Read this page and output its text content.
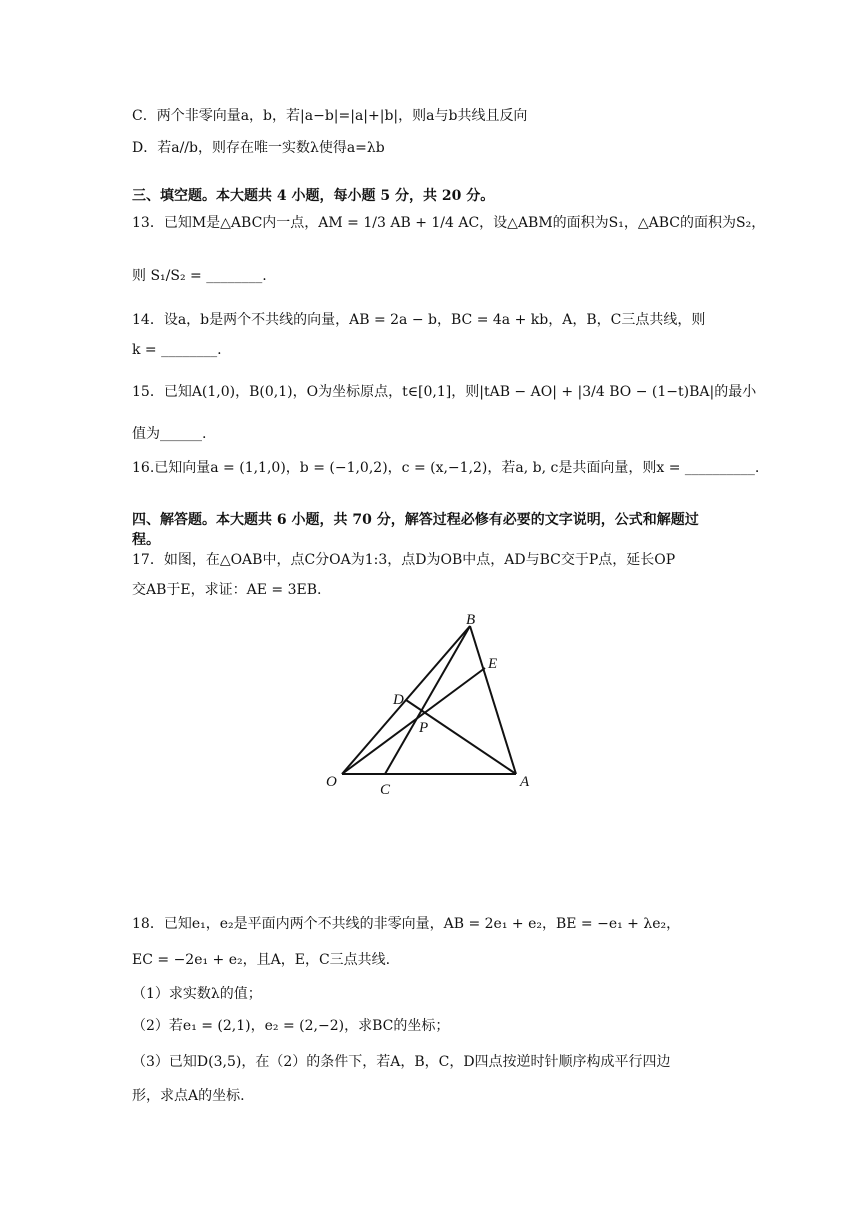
C．两个非零向量a，b，若|a−b|=|a|+|b|，则a与b共线且反向
D．若a//b，则存在唯一实数λ使得a=λb
三、填空题。本大题共 4 小题，每小题 5 分，共 20 分。
13．已知M是△ABC内一点，AM = 1/3 AB + 1/4 AC，设△ABM的面积为S₁，△ABC的面积为S₂，
则 S₁/S₂ = ________.
14．设a，b是两个不共线的向量，AB = 2a − b，BC = 4a + kb，A，B，C三点共线，则
k = ________.
15．已知A(1,0)，B(0,1)，O为坐标原点，t∈[0,1]，则|tAB − AO| + |3/4 BO − (1−t)BA|的最小
值为______.
16.已知向量a = (1,1,0)，b = (−1,0,2)，c = (x,−1,2)，若a, b, c是共面向量，则x = __________.
四、解答题。本大题共 6 小题，共 70 分，解答过程必修有必要的文字说明，公式和解题过
程。
17．如图，在△OAB中，点C分OA为1:3，点D为OB中点，AD与BC交于P点，延长OP
交AB于E，求证：AE = 3EB.
B
E
D
P
O	C	A
18．已知e₁，e₂是平面内两个不共线的非零向量，AB = 2e₁ + e₂，BE = −e₁ + λe₂，
EC = −2e₁ + e₂，且A，E，C三点共线.
（1）求实数λ的值；
（2）若e₁ = (2,1)，e₂ = (2,−2)，求BC的坐标；
（3）已知D(3,5)，在（2）的条件下，若A，B，C，D四点按逆时针顺序构成平行四边
形，求点A的坐标.
